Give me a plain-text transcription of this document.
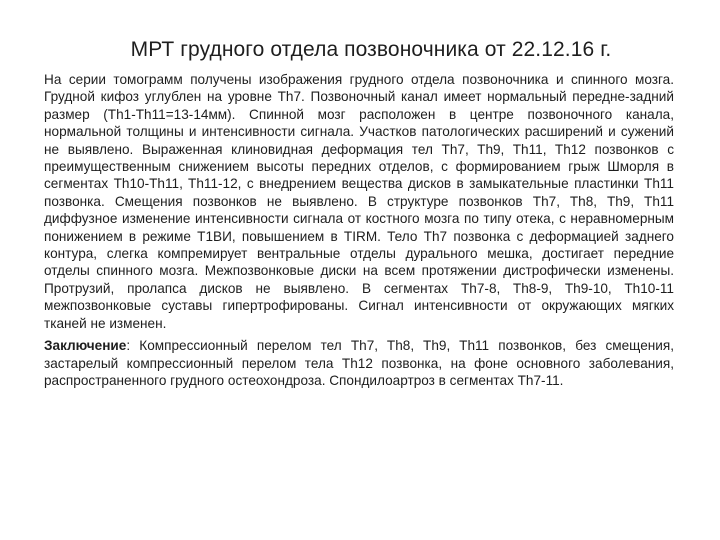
МРТ грудного отдела позвоночника от 22.12.16 г.

На серии томограмм получены изображения грудного отдела позвоночника и спинного мозга. Грудной кифоз углублен на уровне Th7. Позвоночный канал имеет нормальный передне-задний размер (Th1-Th11=13-14мм). Спинной мозг расположен в центре позвоночного канала, нормальной толщины и интенсивности сигнала. Участков патологических расширений и сужений не выявлено. Выраженная клиновидная деформация тел Th7, Th9, Th11, Th12 позвонков с преимущественным снижением высоты передних отделов, с формированием грыж Шморля в сегментах Th10-Th11, Th11-12, с внедрением вещества дисков в замыкательные пластинки Th11 позвонка. Смещения позвонков не выявлено. В структуре позвонков Th7, Th8, Th9, Th11 диффузное изменение интенсивности сигнала от костного мозга по типу отека, с неравномерным понижением в режиме Т1ВИ, повышением в TIRM. Тело Th7 позвонка с деформацией заднего контура, слегка компремирует вентральные отделы дурального мешка, достигает передние отделы спинного мозга. Межпозвонковые диски на всем протяжении дистрофически изменены. Протрузий, пролапса дисков не выявлено. В сегментах Th7-8, Th8-9, Th9-10, Th10-11 межпозвонковые суставы гипертрофированы. Сигнал интенсивности от окружающих мягких тканей не изменен.

Заключение: Компрессионный перелом тел Th7, Th8, Th9, Th11 позвонков, без смещения, застарелый компрессионный перелом тела Th12 позвонка, на фоне основного заболевания, распространенного грудного остеохондроза. Спондилоартроз в сегментах Th7-11.
